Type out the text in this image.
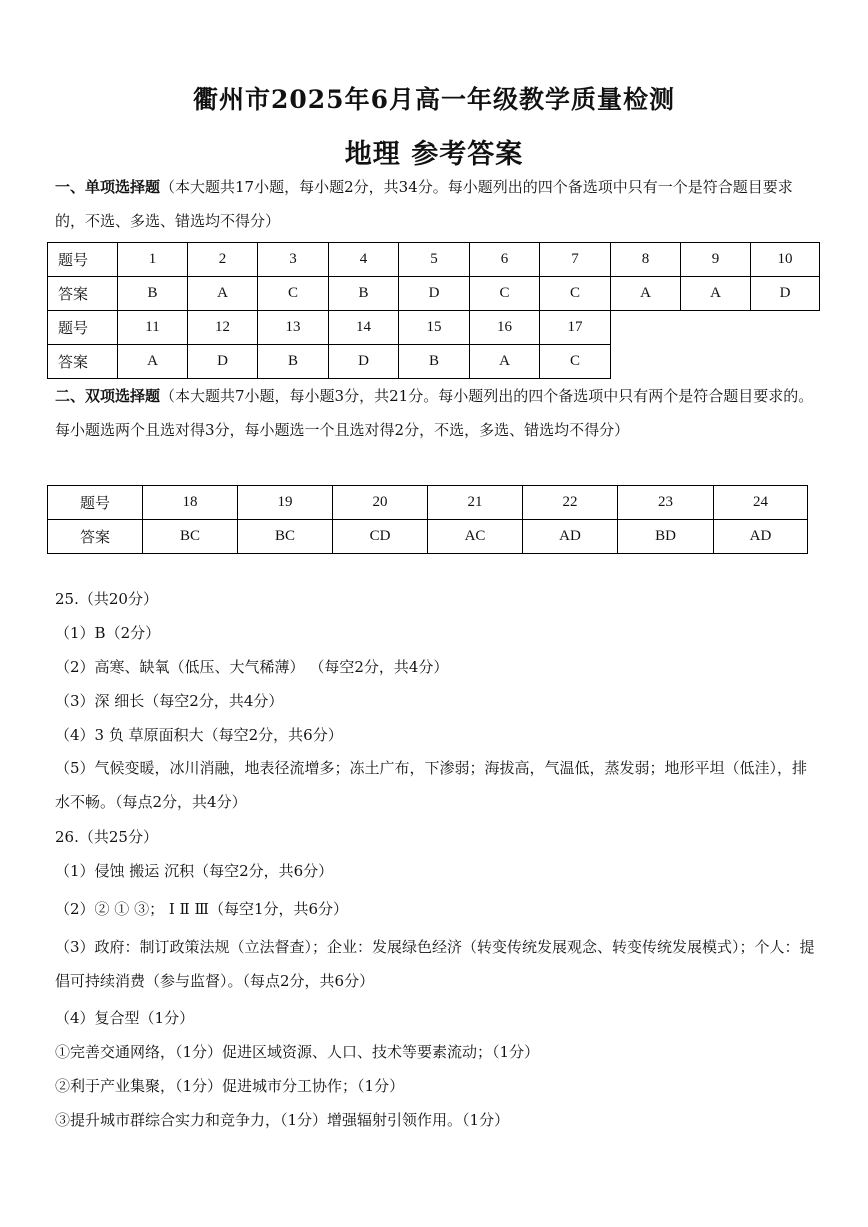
衢州市2025年6月高一年级教学质量检测
地理 参考答案
一、单项选择题（本大题共17小题，每小题2分，共34分。每小题列出的四个备选项中只有一个是符合题目要求的，不选、多选、错选均不得分）
题号	1	2	3	4	5	6	7	8	9	10
答案	B	A	C	B	D	C	C	A	A	D
题号	11	12	13	14	15	16	17			
答案	A	D	B	D	B	A	C			
二、双项选择题（本大题共7小题，每小题3分，共21分。每小题列出的四个备选项中只有两个是符合题目要求的。每小题选两个且选对得3分，每小题选一个且选对得2分，不选，多选、错选均不得分）
题号	18	19	20	21	22	23	24
答案	BC	BC	CD	AC	AD	BD	AD
25.（共20分）
（1）B（2分）
（2）高寒、缺氧（低压、大气稀薄） （每空2分，共4分）
（3）深 细长（每空2分，共4分）
（4）3 负 草原面积大（每空2分，共6分）
（5）气候变暖，冰川消融，地表径流增多；冻土广布，下渗弱；海拔高，气温低，蒸发弱；地形平坦（低洼），排水不畅。（每点2分，共4分）
26.（共25分）
（1）侵蚀 搬运 沉积（每空2分，共6分）
（2）② ① ③； Ⅰ Ⅱ Ⅲ（每空1分，共6分）
（3）政府：制订政策法规（立法督查）；企业：发展绿色经济（转变传统发展观念、转变传统发展模式）；个人：提倡可持续消费（参与监督）。（每点2分，共6分）
（4）复合型（1分）
①完善交通网络，（1分）促进区域资源、人口、技术等要素流动；（1分）
②利于产业集聚，（1分）促进城市分工协作；（1分）
③提升城市群综合实力和竞争力，（1分）增强辐射引领作用。（1分）
